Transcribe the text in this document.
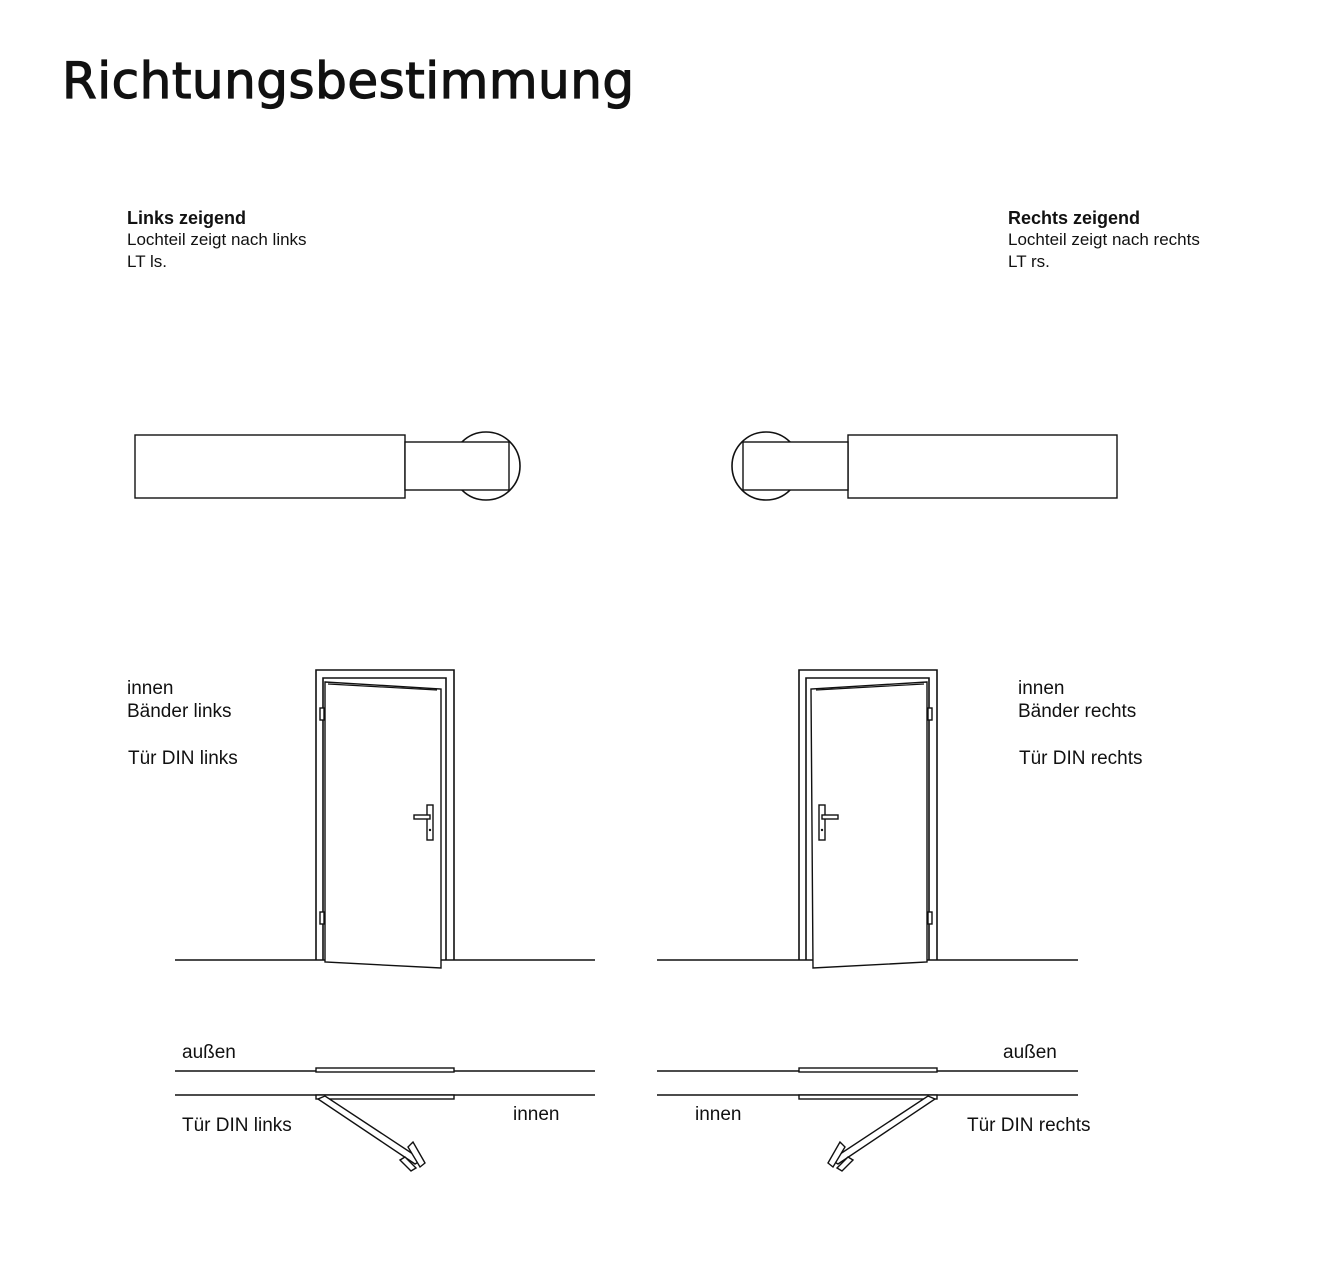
Richtungsbestimmung
Links zeigend
Lochteil zeigt nach links
LT ls.
Rechts zeigend
Lochteil zeigt nach rechts
LT rs.
innen
Bänder links
Tür DIN links
innen
Bänder rechts
Tür DIN rechts
außen
Tür DIN links
innen
außen
Tür DIN rechts
innen
